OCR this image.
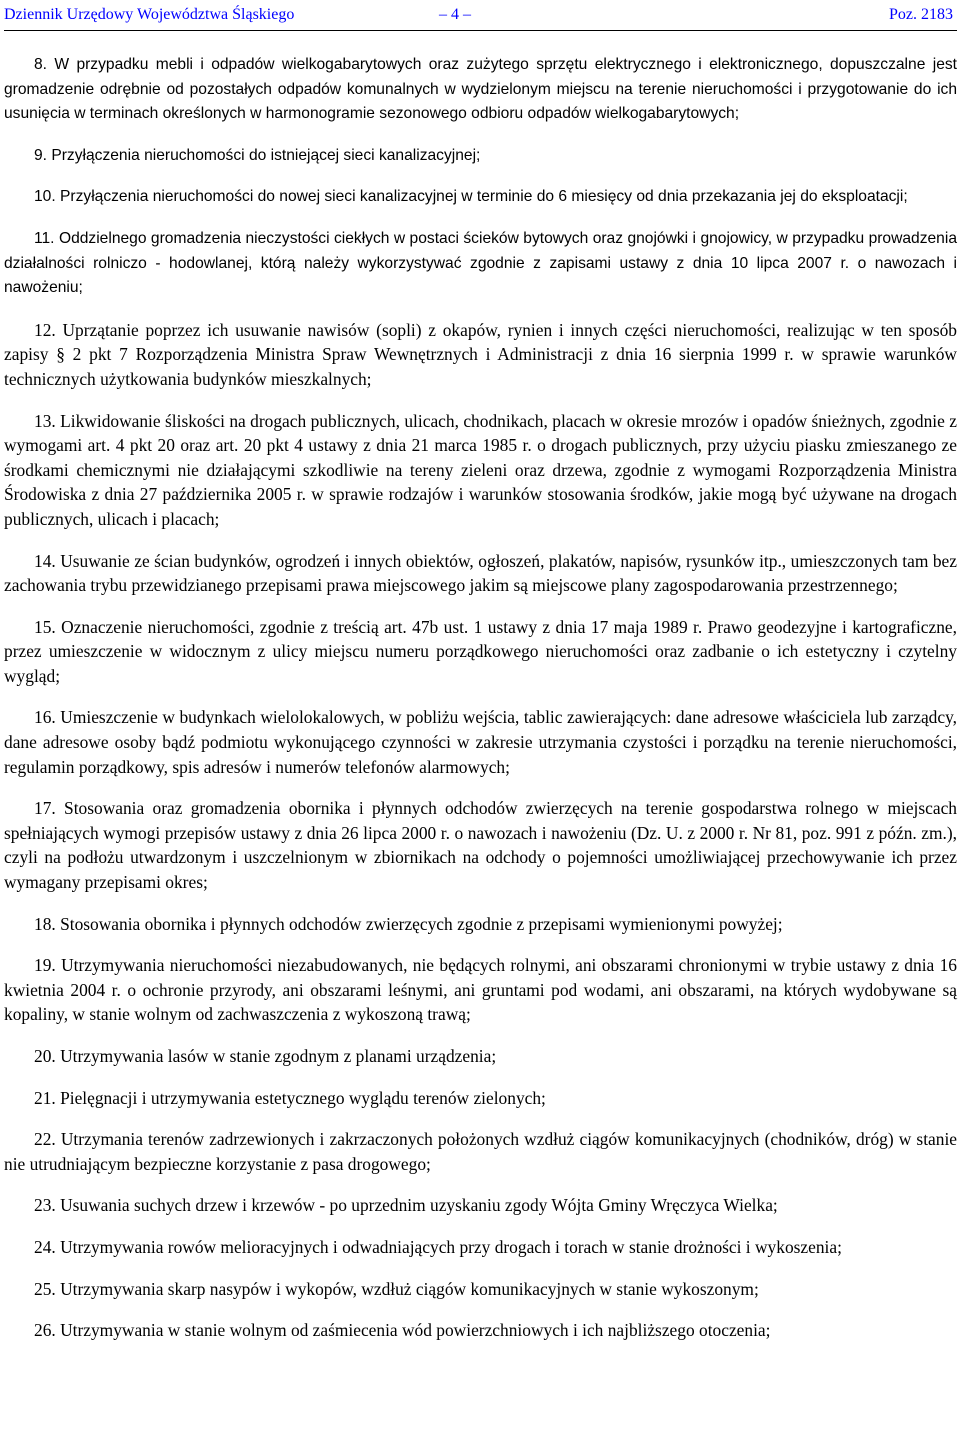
Dziennik Urzędowy Województwa Śląskiego	– 4 –	Poz. 2183

8. W przypadku mebli i odpadów wielkogabarytowych oraz zużytego sprzętu elektrycznego i elektronicznego, dopuszczalne jest gromadzenie odrębnie od pozostałych odpadów komunalnych w wydzielonym miejscu na terenie nieruchomości i przygotowanie do ich usunięcia w terminach określonych w harmonogramie sezonowego odbioru odpadów wielkogabarytowych;

9. Przyłączenia nieruchomości do istniejącej sieci kanalizacyjnej;

10. Przyłączenia nieruchomości do nowej sieci kanalizacyjnej w terminie do 6 miesięcy od dnia przekazania jej do eksploatacji;

11. Oddzielnego gromadzenia nieczystości ciekłych w postaci ścieków bytowych oraz gnojówki i gnojowicy, w przypadku prowadzenia działalności rolniczo - hodowlanej, którą należy wykorzystywać zgodnie z zapisami ustawy z dnia 10 lipca 2007 r. o nawozach i nawożeniu;

12. Uprzątanie poprzez ich usuwanie nawisów (sopli) z okapów, rynien i innych części nieruchomości, realizując w ten sposób zapisy § 2 pkt 7 Rozporządzenia Ministra Spraw Wewnętrznych i Administracji z dnia 16 sierpnia 1999 r. w sprawie warunków technicznych użytkowania budynków mieszkalnych;

13. Likwidowanie śliskości na drogach publicznych, ulicach, chodnikach, placach w okresie mrozów i opadów śnieżnych, zgodnie z wymogami art. 4 pkt 20 oraz art. 20 pkt 4 ustawy z dnia 21 marca 1985 r. o drogach publicznych, przy użyciu piasku zmieszanego ze środkami chemicznymi nie działającymi szkodliwie na tereny zieleni oraz drzewa, zgodnie z wymogami Rozporządzenia Ministra Środowiska z dnia 27 października 2005 r. w sprawie rodzajów i warunków stosowania środków, jakie mogą być używane na drogach publicznych, ulicach i placach;

14. Usuwanie ze ścian budynków, ogrodzeń i innych obiektów, ogłoszeń, plakatów, napisów, rysunków itp., umieszczonych tam bez zachowania trybu przewidzianego przepisami prawa miejscowego jakim są miejscowe plany zagospodarowania przestrzennego;

15. Oznaczenie nieruchomości, zgodnie z treścią art. 47b ust. 1 ustawy z dnia 17 maja 1989 r. Prawo geodezyjne i kartograficzne, przez umieszczenie w widocznym z ulicy miejscu numeru porządkowego nieruchomości oraz zadbanie o ich estetyczny i czytelny wygląd;

16. Umieszczenie w budynkach wielolokalowych, w pobliżu wejścia, tablic zawierających: dane adresowe właściciela lub zarządcy, dane adresowe osoby bądź podmiotu wykonującego czynności w zakresie utrzymania czystości i porządku na terenie nieruchomości, regulamin porządkowy, spis adresów i numerów telefonów alarmowych;

17. Stosowania oraz gromadzenia obornika i płynnych odchodów zwierzęcych na terenie gospodarstwa rolnego w miejscach spełniających wymogi przepisów ustawy z dnia 26 lipca 2000 r. o nawozach i nawożeniu (Dz. U. z 2000 r. Nr 81, poz. 991 z późn. zm.), czyli na podłożu utwardzonym i uszczelnionym w zbiornikach na odchody o pojemności umożliwiającej przechowywanie ich przez wymagany przepisami okres;

18. Stosowania obornika i płynnych odchodów zwierzęcych zgodnie z przepisami wymienionymi powyżej;

19. Utrzymywania nieruchomości niezabudowanych, nie będących rolnymi, ani obszarami chronionymi w trybie ustawy z dnia 16 kwietnia 2004 r. o ochronie przyrody, ani obszarami leśnymi, ani gruntami pod wodami, ani obszarami, na których wydobywane są kopaliny, w stanie wolnym od zachwaszczenia z wykoszoną trawą;

20. Utrzymywania lasów w stanie zgodnym z planami urządzenia;

21. Pielęgnacji i utrzymywania estetycznego wyglądu terenów zielonych;

22. Utrzymania terenów zadrzewionych i zakrzaczonych położonych wzdłuż ciągów komunikacyjnych (chodników, dróg) w stanie nie utrudniającym bezpieczne korzystanie z pasa drogowego;

23. Usuwania suchych drzew i krzewów - po uprzednim uzyskaniu zgody Wójta Gminy Wręczyca Wielka;

24. Utrzymywania rowów melioracyjnych i odwadniających przy drogach i torach w stanie drożności i wykoszenia;

25. Utrzymywania skarp nasypów i wykopów, wzdłuż ciągów komunikacyjnych w stanie wykoszonym;

26. Utrzymywania w stanie wolnym od zaśmiecenia wód powierzchniowych i ich najbliższego otoczenia;
